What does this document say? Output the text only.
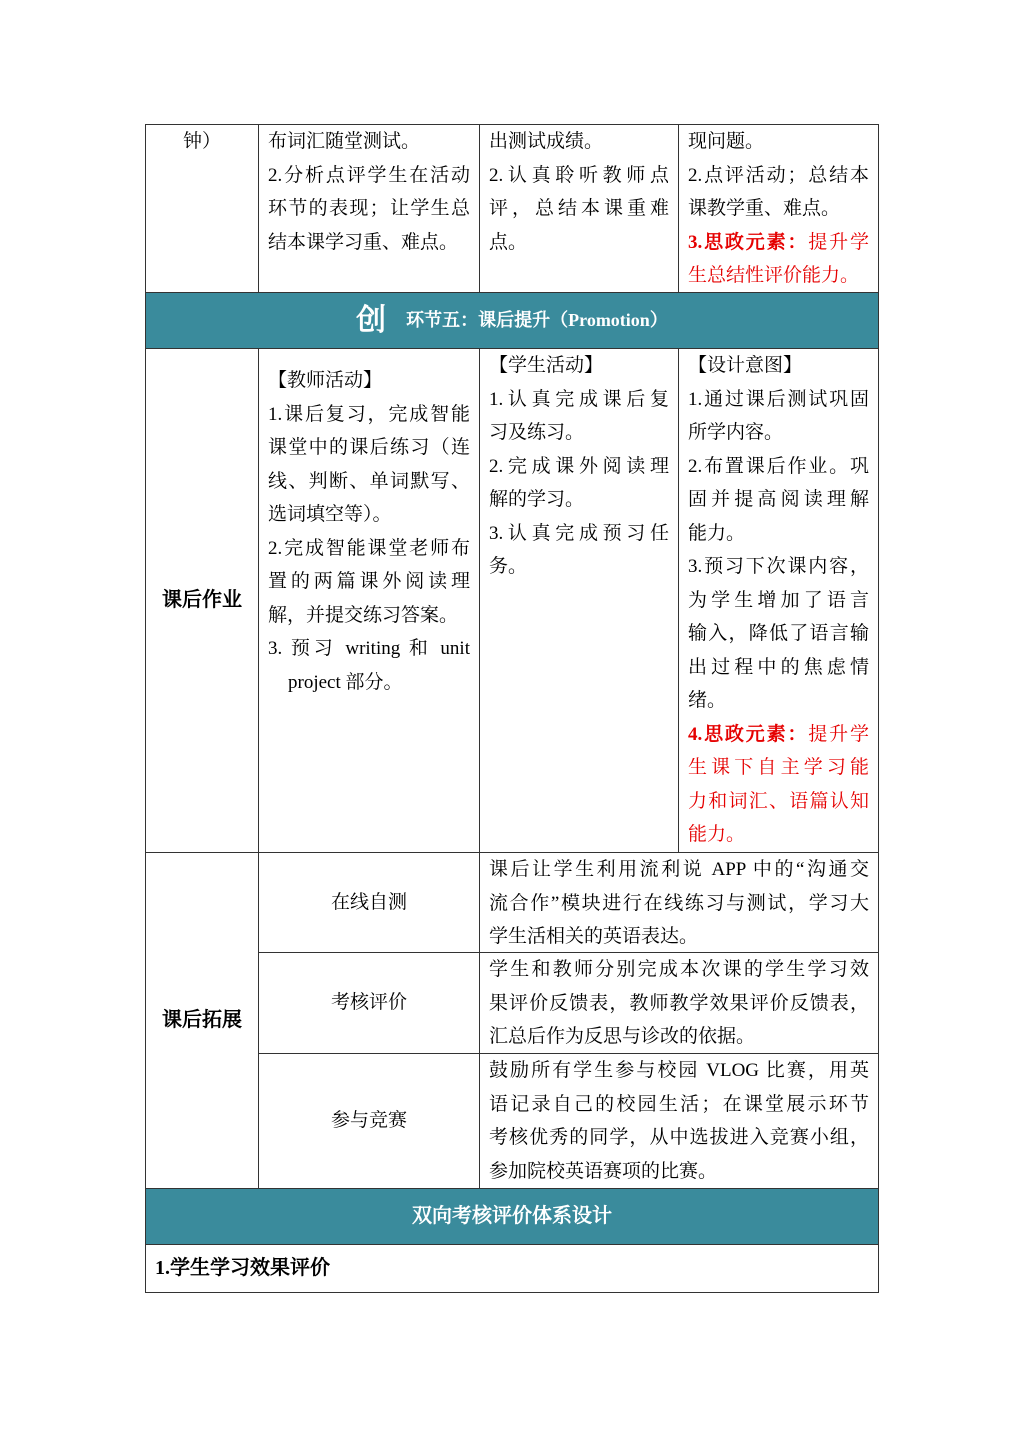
钟）	布词汇随堂测试。
2.分析点评学生在活动
环节的表现；让学生总
结本课学习重、难点。
出测试成绩。
2.认真聆听教师点
评，总结本课重难
点。
现问题。
2.点评活动；总结本
课教学重、难点。
3.思政元素：提升学
生总结性评价能力。
创 环节五：课后提升（Promotion）
课后作业
【教师活动】
1.课后复习，完成智能
课堂中的课后练习（连
线、判断、单词默写、
选词填空等）。
2.完成智能课堂老师布
置的两篇课外阅读理
解，并提交练习答案。
3. 预习 writing 和 unit
project 部分。
【学生活动】
1.认真完成课后复
习及练习。
2.完成课外阅读理
解的学习。
3.认真完成预习任
务。
【设计意图】
1.通过课后测试巩固
所学内容。
2.布置课后作业。巩
固并提高阅读理解
能力。
3.预习下次课内容，
为学生增加了语言
输入，降低了语言输
出过程中的焦虑情
绪。
4.思政元素：提升学
生课下自主学习能
力和词汇、语篇认知
能力。
课后拓展
在线自测
课后让学生利用流利说 APP 中的“沟通交
流合作”模块进行在线练习与测试，学习大
学生活相关的英语表达。
考核评价
学生和教师分别完成本次课的学生学习效
果评价反馈表，教师教学效果评价反馈表，
汇总后作为反思与诊改的依据。
参与竞赛
鼓励所有学生参与校园 VLOG 比赛，用英
语记录自己的校园生活；在课堂展示环节
考核优秀的同学，从中选拔进入竞赛小组，
参加院校英语赛项的比赛。
双向考核评价体系设计
1.学生学习效果评价
